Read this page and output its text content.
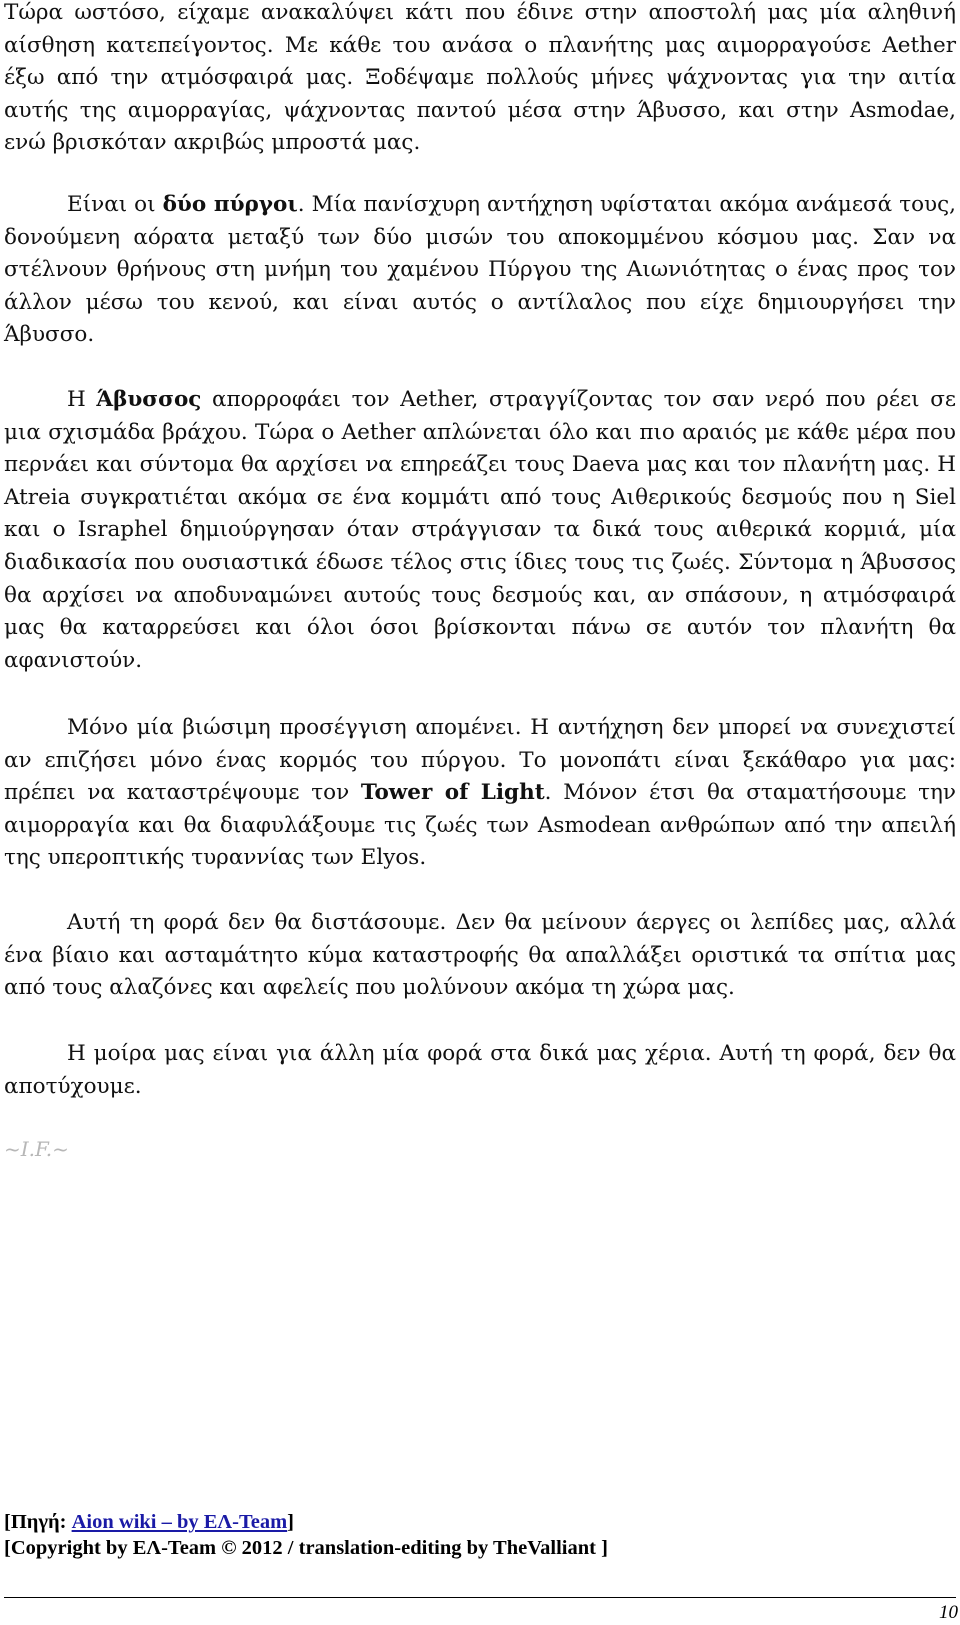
Τώρα ωστόσο, είχαμε ανακαλύψει κάτι που έδινε στην αποστολή μας μία αληθινή αίσθηση κατεπείγοντος. Με κάθε του ανάσα ο πλανήτης μας αιμορραγούσε Aether έξω από την ατμόσφαιρά μας. Ξοδέψαμε πολλούς μήνες ψάχνοντας για την αιτία αυτής της αιμορραγίας, ψάχνοντας παντού μέσα στην Άβυσσο, και στην Asmodae, ενώ βρισκόταν ακριβώς μπροστά μας.

Είναι οι δύο πύργοι. Μία πανίσχυρη αντήχηση υφίσταται ακόμα ανάμεσά τους, δονούμενη αόρατα μεταξύ των δύο μισών του αποκομμένου κόσμου μας. Σαν να στέλνουν θρήνους στη μνήμη του χαμένου Πύργου της Αιωνιότητας ο ένας προς τον άλλον μέσω του κενού, και είναι αυτός ο αντίλαλος που είχε δημιουργήσει την Άβυσσο.

Η Άβυσσος απορροφάει τον Aether, στραγγίζοντας τον σαν νερό που ρέει σε μια σχισμάδα βράχου. Τώρα ο Aether απλώνεται όλο και πιο αραιός με κάθε μέρα που περνάει και σύντομα θα αρχίσει να επηρεάζει τους Daeva μας και τον πλανήτη μας. Η Atreia συγκρατιέται ακόμα σε ένα κομμάτι από τους Αιθερικούς δεσμούς που η Siel και ο Israphel δημιούργησαν όταν στράγγισαν τα δικά τους αιθερικά κορμιά, μία διαδικασία που ουσιαστικά έδωσε τέλος στις ίδιες τους τις ζωές. Σύντομα η Άβυσσος θα αρχίσει να αποδυναμώνει αυτούς τους δεσμούς και, αν σπάσουν, η ατμόσφαιρά μας θα καταρρεύσει και όλοι όσοι βρίσκονται πάνω σε αυτόν τον πλανήτη θα αφανιστούν.

Μόνο μία βιώσιμη προσέγγιση απομένει. Η αντήχηση δεν μπορεί να συνεχιστεί αν επιζήσει μόνο ένας κορμός του πύργου. Το μονοπάτι είναι ξεκάθαρο για μας: πρέπει να καταστρέψουμε τον Tower of Light. Μόνον έτσι θα σταματήσουμε την αιμορραγία και θα διαφυλάξουμε τις ζωές των Asmodean ανθρώπων από την απειλή της υπεροπτικής τυραννίας των Elyos.

Αυτή τη φορά δεν θα διστάσουμε. Δεν θα μείνουν άεργες οι λεπίδες μας, αλλά ένα βίαιο και ασταμάτητο κύμα καταστροφής θα απαλλάξει οριστικά τα σπίτια μας από τους αλαζόνες και αφελείς που μολύνουν ακόμα τη χώρα μας.

Η μοίρα μας είναι για άλλη μία φορά στα δικά μας χέρια. Αυτή τη φορά, δεν θα αποτύχουμε.

~I.F.~
[Πηγή: Aion wiki – by ΕΛ-Team]
[Copyright by ΕΛ-Team © 2012 / translation-editing by TheValliant ]
10
